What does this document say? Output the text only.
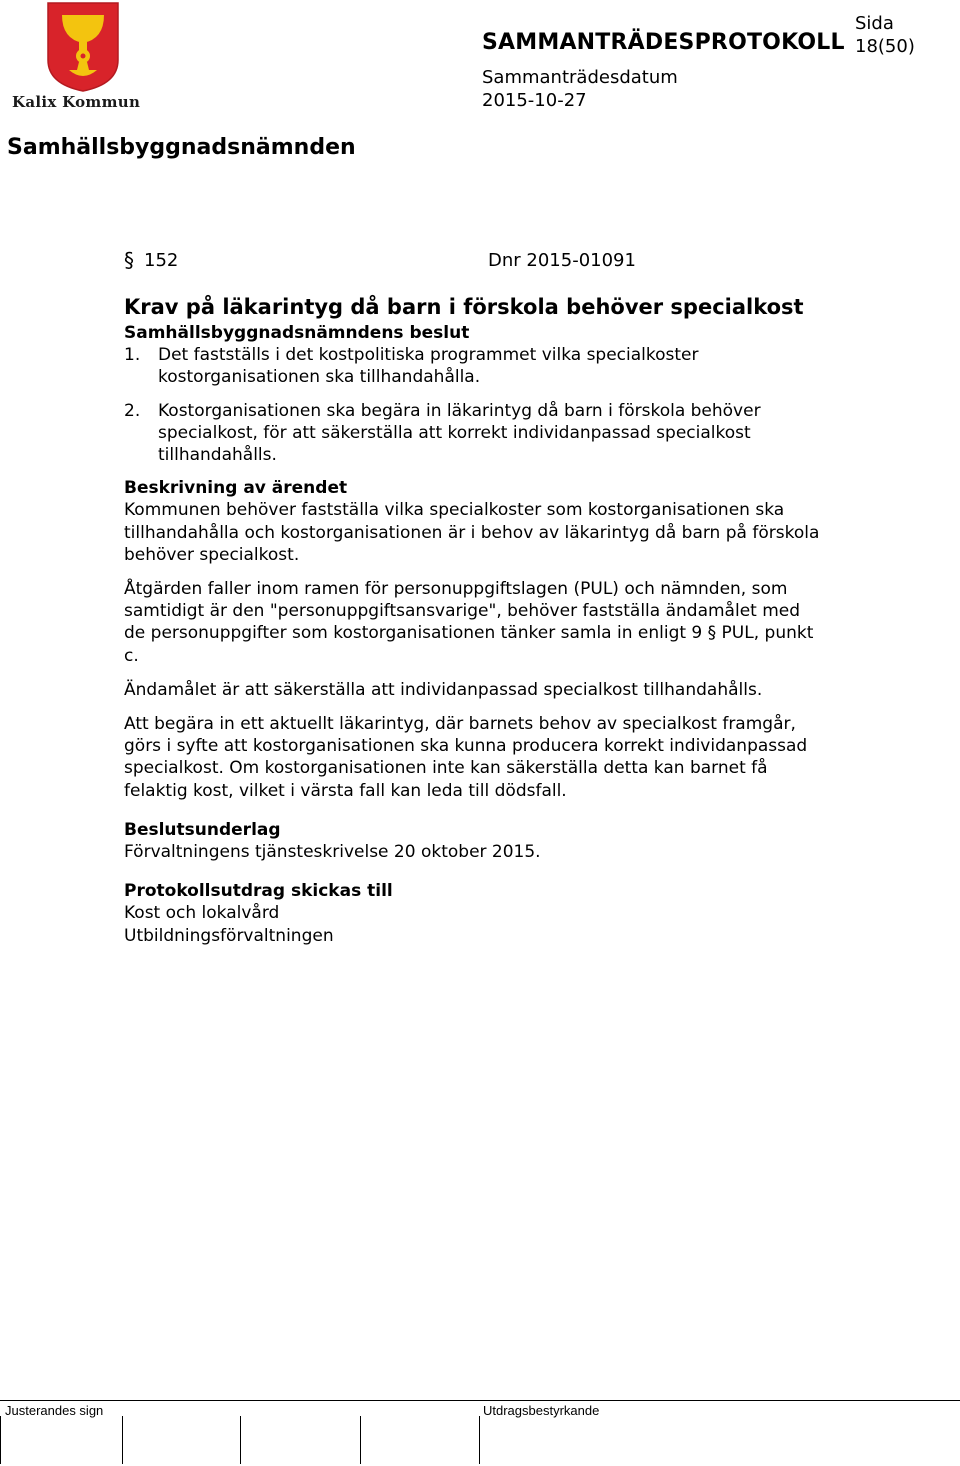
Kalix Kommun
SAMMANTRÄDESPROTOKOLL
Sida
18(50)
Sammanträdesdatum
2015-10-27
Samhällsbyggnadsnämnden
§ 152	Dnr 2015-01091
Krav på läkarintyg då barn i förskola behöver specialkost

Samhällsbyggnadsnämndens beslut

1. Det fastställs i det kostpolitiska programmet vilka specialkoster kostorganisationen ska tillhandahålla.
2. Kostorganisationen ska begära in läkarintyg då barn i förskola behöver specialkost, för att säkerställa att korrekt individanpassad specialkost tillhandahålls.

Beskrivning av ärendet

Kommunen behöver fastställa vilka specialkoster som kostorganisationen ska tillhandahålla och kostorganisationen är i behov av läkarintyg då barn på förskola behöver specialkost.

Åtgärden faller inom ramen för personuppgiftslagen (PUL) och nämnden, som samtidigt är den "personuppgiftsansvarige", behöver fastställa ändamålet med de personuppgifter som kostorganisationen tänker samla in enligt 9 § PUL, punkt c.

Ändamålet är att säkerställa att individanpassad specialkost tillhandahålls.

Att begära in ett aktuellt läkarintyg, där barnets behov av specialkost framgår, görs i syfte att kostorganisationen ska kunna producera korrekt individanpassad specialkost. Om kostorganisationen inte kan säkerställa detta kan barnet få felaktig kost, vilket i värsta fall kan leda till dödsfall.

Beslutsunderlag

Förvaltningens tjänsteskrivelse 20 oktober 2015.

Protokollsutdrag skickas till

Kost och lokalvård

Utbildningsförvaltningen

Justerandes sign	Utdragsbestyrkande
